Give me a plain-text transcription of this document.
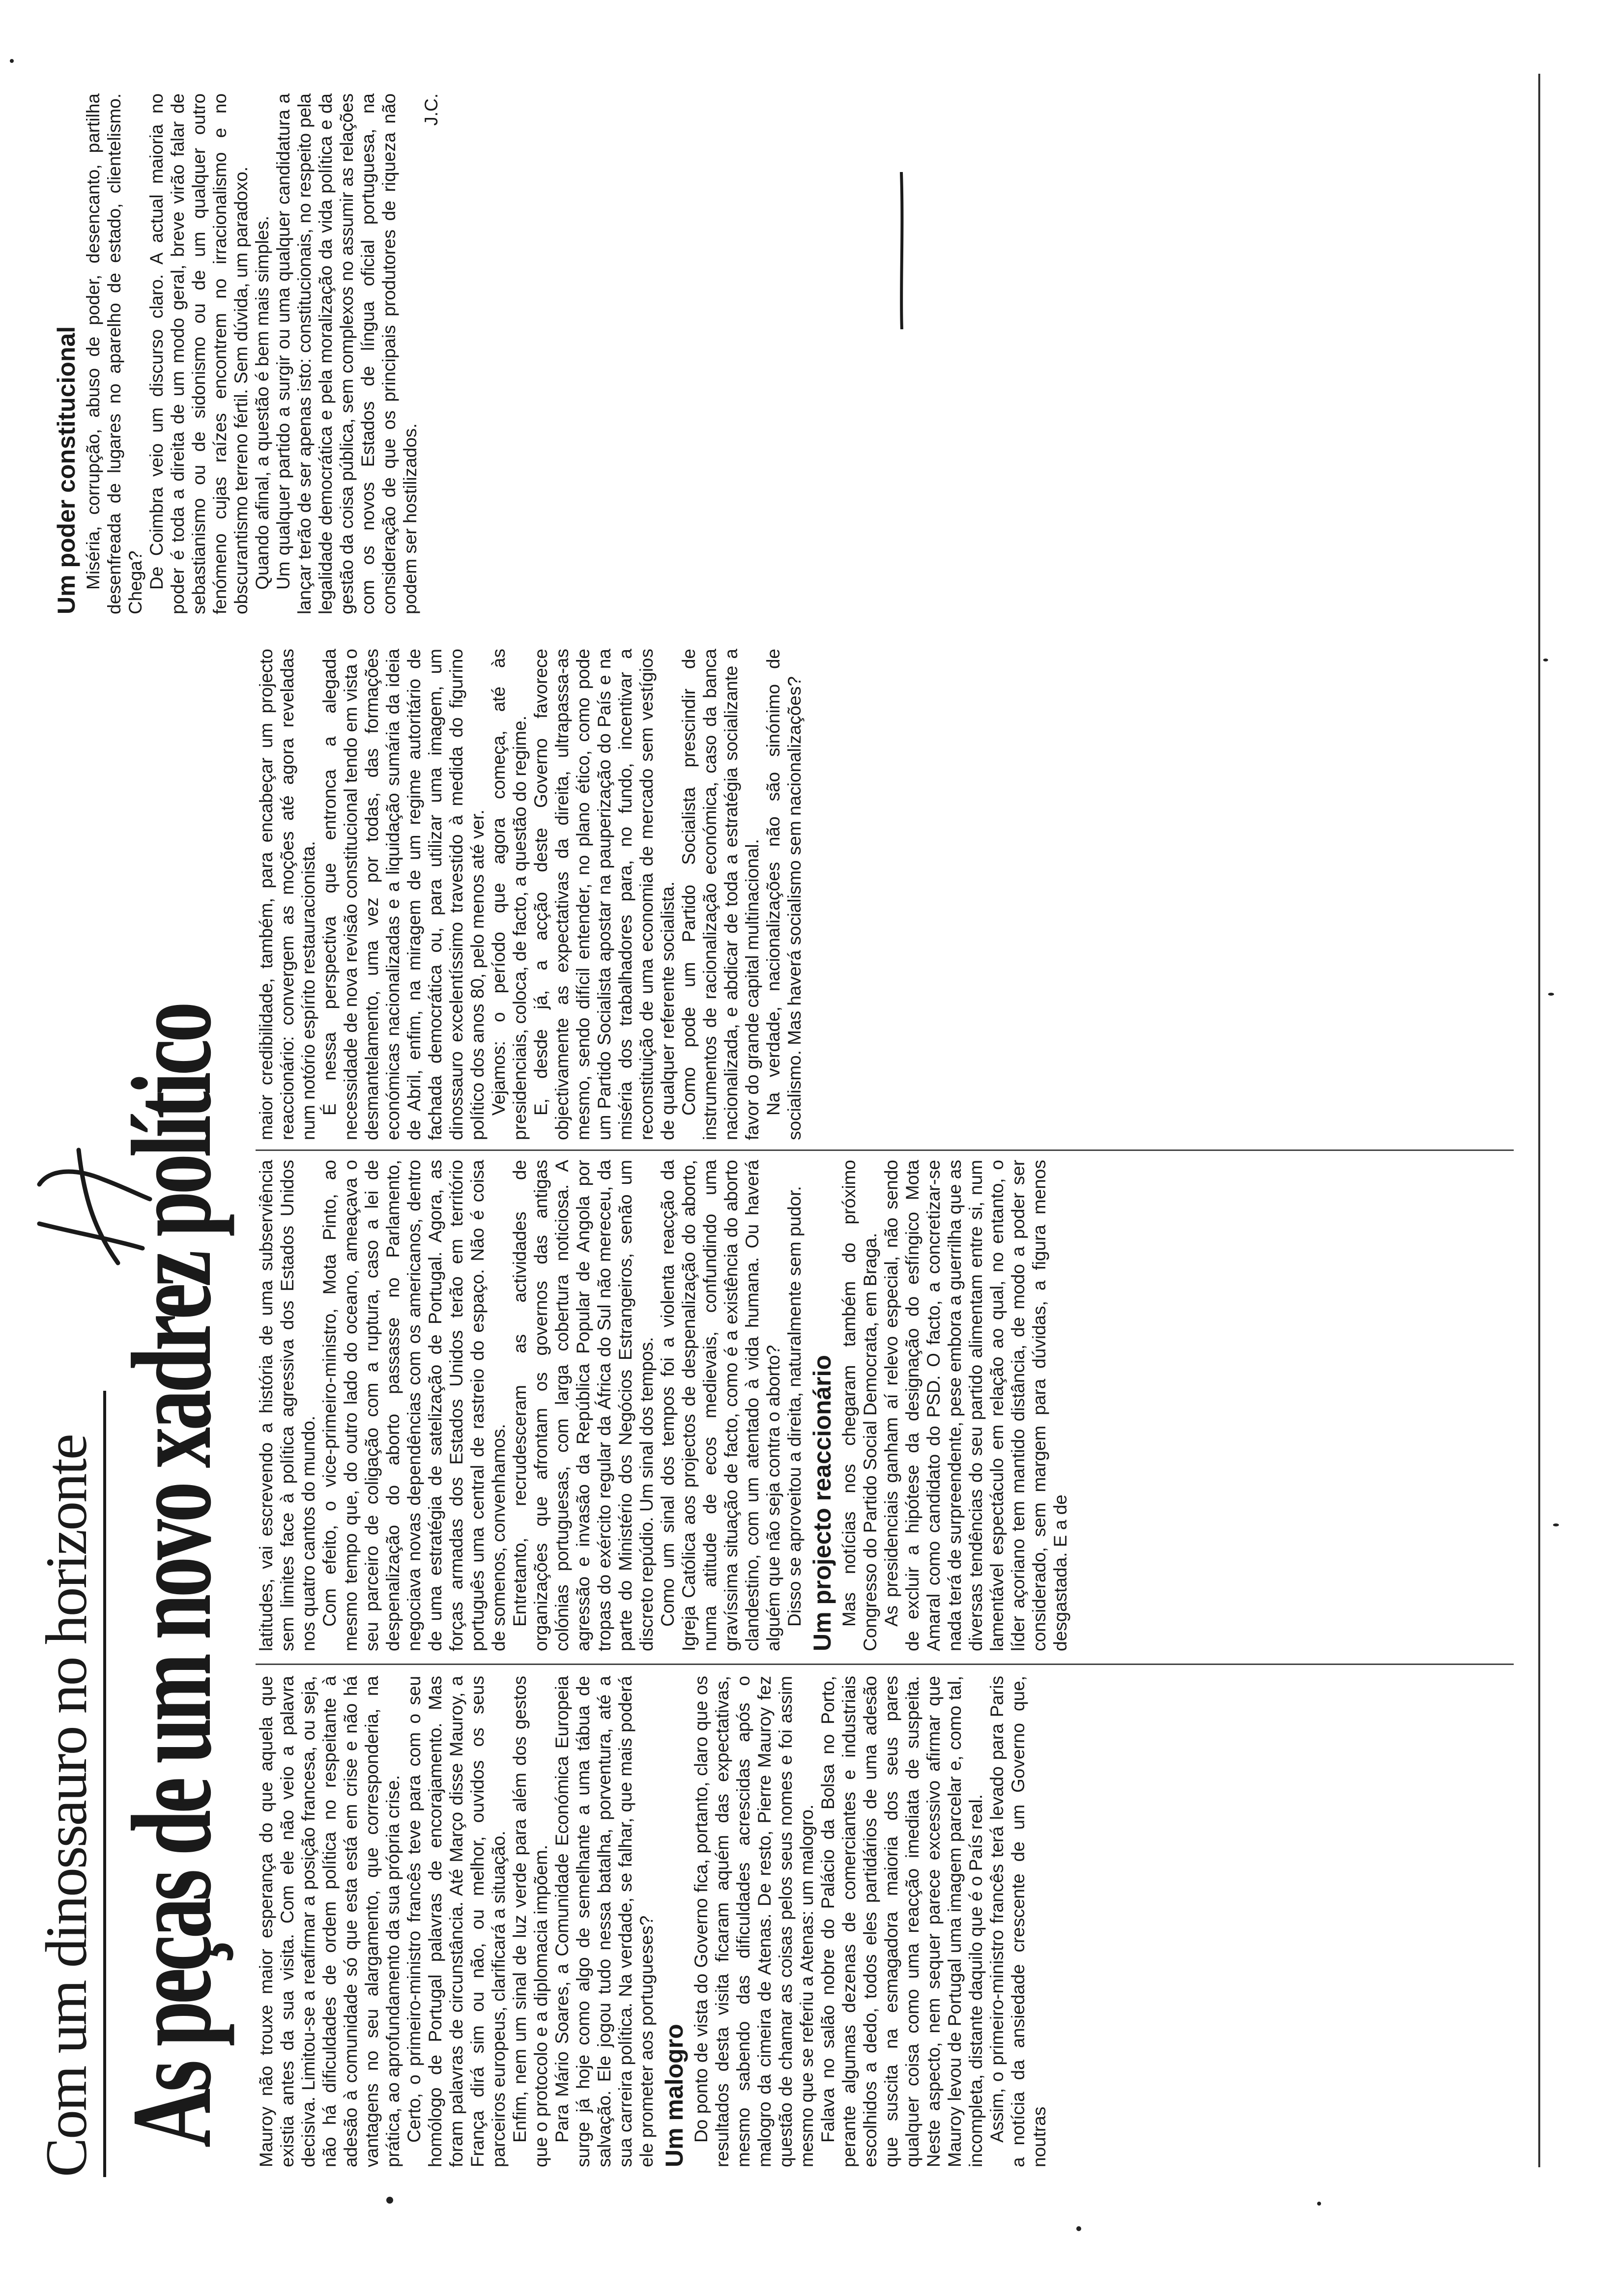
Com um dinossauro no horizonte As peças de um novo xadrez político Mauroy não trouxe maior esperança do que aquela que existia antes da sua visita. Com ele não veio a palavra decisiva. Limitou-se a reafirmar a posição francesa, ou seja, não há dificuldades de ordem política no respeitante à adesão à comunidade só que esta está em crise e não há vantagens no seu alargamento, que corresponderia, na prática, ao aprofundamento da sua própria crise. Certo, o primeiro-ministro francês teve para com o seu homólogo de Portugal palavras de encorajamento. Mas foram palavras de circunstância. Até Março disse Mauroy, a França dirá sim ou não, ou melhor, ouvidos os seus parceiros europeus, clarificará a situação. Enfim, nem um sinal de luz verde para além dos gestos que o protocolo e a diplomacia impõem. Para Mário Soares, a Comunidade Económica Europeia surge já hoje como algo de semelhante a uma tábua de salvação. Ele jogou tudo nessa batalha, porventura, até a sua carreira política. Na verdade, se falhar, que mais poderá ele prometer aos portugueses? Um malogro Do ponto de vista do Governo fica, portanto, claro que os resultados desta visita ficaram aquém das expectativas, mesmo sabendo das dificuldades acrescidas após o malogro da cimeira de Atenas. De resto, Pierre Mauroy fez questão de chamar as coisas pelos seus nomes e foi assim mesmo que se referiu a Atenas: um malogro. Falava no salão nobre do Palácio da Bolsa no Porto, perante algumas dezenas de comerciantes e industriais escolhidos a dedo, todos eles partidários de uma adesão que suscita na esmagadora maioria dos seus pares qualquer coisa como uma reacção imediata de suspeita. Neste aspecto, nem sequer parece excessivo afirmar que Mauroy levou de Portugal uma imagem parcelar e, como tal, incompleta, distante daquilo que é o País real. Assim, o primeiro-ministro francês terá levado para Paris a notícia da ansiedade crescente de um Governo que, noutras

latitudes, vai escrevendo a história de uma subserviência sem limites face à política agressiva dos Estados Unidos nos quatro cantos do mundo. Com efeito, o vice-primeiro-ministro, Mota Pinto, ao mesmo tempo que, do outro lado do oceano, ameaçava o seu parceiro de coligação com a ruptura, caso a lei de despenalização do aborto passasse no Parlamento, negociava novas dependências com os americanos, dentro de uma estratégia de satelização de Portugal. Agora, as forças armadas dos Estados Unidos terão em território português uma central de rastreio do espaço. Não é coisa de somenos, convenhamos. Entretanto, recrudesceram as actividades de organizações que afrontam os governos das antigas colónias portuguesas, com larga cobertura noticiosa. A agressão e invasão da República Popular de Angola por tropas do exército regular da África do Sul não mereceu, da parte do Ministério dos Negócios Estrangeiros, senão um discreto repúdio. Um sinal dos tempos. Como um sinal dos tempos foi a violenta reacção da Igreja Católica aos projectos de despenalização do aborto, numa atitude de ecos medievais, confundindo uma gravíssima situação de facto, como é a existência do aborto clandestino, com um atentado à vida humana. Ou haverá alguém que não seja contra o aborto? Disso se aproveitou a direita, naturalmente sem pudor. Um projecto reaccionário Mas notícias nos chegaram também do próximo Congresso do Partido Social Democrata, em Braga. As presidenciais ganham aí relevo especial, não sendo de excluir a hipótese da designação do esfíngico Mota Amaral como candidato do PSD. O facto, a concretizar-se nada terá de surpreendente, pese embora a guerrilha que as diversas tendências do seu partido alimentam entre si, num lamentável espectáculo em relação ao qual, no entanto, o líder açoriano tem mantido distância, de modo a poder ser considerado, sem margem para dúvidas, a figura menos desgastada. E a de

maior credibilidade, também, para encabeçar um projecto reaccionário: convergem as moções até agora reveladas num notório espírito restauracionista. É nessa perspectiva que entronca a alegada necessidade de nova revisão constitucional tendo em vista o desmantelamento, uma vez por todas, das formações económicas nacionalizadas e a liquidação sumária da ideia de Abril, enfim, na miragem de um regime autoritário de fachada democrática ou, para utilizar uma imagem, um dinossauro excelentíssimo travestido à medida do figurino político dos anos 80, pelo menos até ver. Vejamos: o período que agora começa, até às presidenciais, coloca, de facto, a questão do regime. E, desde já, a acção deste Governo favorece objectivamente as expectativas da direita, ultrapassa-as mesmo, sendo difícil entender, no plano ético, como pode um Partido Socialista apostar na pauperização do País e na miséria dos trabalhadores para, no fundo, incentivar a reconstituição de uma economia de mercado sem vestígios de qualquer referente socialista. Como pode um Partido Socialista prescindir de instrumentos de racionalização económica, caso da banca nacionalizada, e abdicar de toda a estratégia socializante a favor do grande capital multinacional. Na verdade, nacionalizações não são sinónimo de socialismo. Mas haverá socialismo sem nacionalizações?

Um poder constitucional Miséria, corrupção, abuso de poder, desencanto, partilha desenfreada de lugares no aparelho de estado, clientelismo. Chega? De Coimbra veio um discurso claro. A actual maioria no poder é toda a direita de um modo geral, breve virão falar de sebastianismo ou de sidonismo ou de um qualquer outro fenómeno cujas raízes encontrem no irracionalismo e no obscurantismo terreno fértil. Sem dúvida, um paradoxo. Quando afinal, a questão é bem mais simples. Um qualquer partido a surgir ou uma qualquer candidatura a lançar terão de ser apenas isto: constitucionais, no respeito pela legalidade democrática e pela moralização da vida política e da gestão da coisa pública, sem complexos no assumir as relações com os novos Estados de língua oficial portuguesa, na consideração de que os principais produtores de riqueza não podem ser hostilizados.

J.C.
